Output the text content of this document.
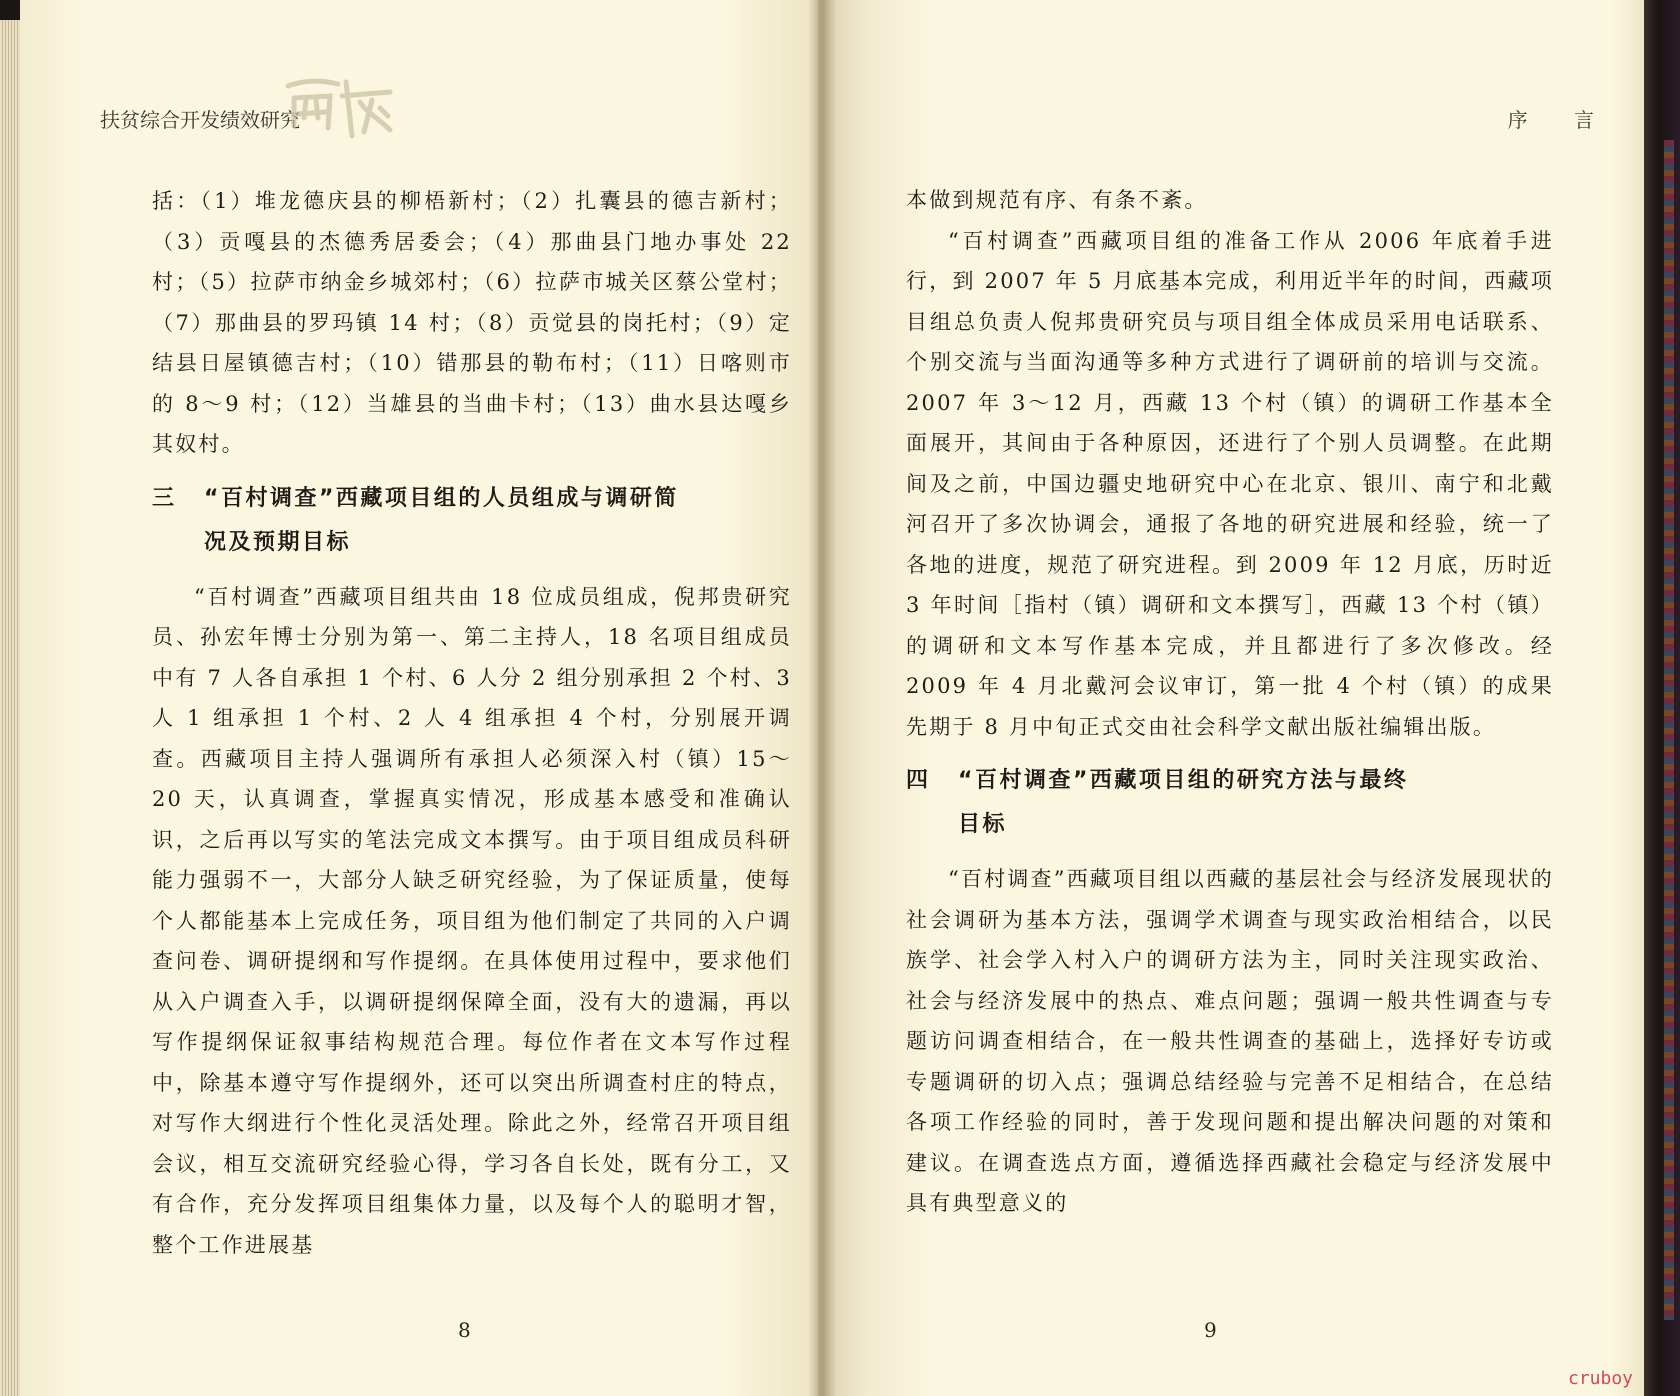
扶贫综合开发绩效研究

括：（1）堆龙德庆县的柳梧新村；（2）扎囊县的德吉新村；（3）贡嘎县的杰德秀居委会；（4）那曲县门地办事处 22 村；（5）拉萨市纳金乡城郊村；（6）拉萨市城关区蔡公堂村；（7）那曲县的罗玛镇 14 村；（8）贡觉县的岗托村；（9）定结县日屋镇德吉村；（10）错那县的勒布村；（11）日喀则市的 8～9 村；（12）当雄县的当曲卡村；（13）曲水县达嘎乡其奴村。

三 “百村调查”西藏项目组的人员组成与调研简
况及预期目标

“百村调查”西藏项目组共由 18 位成员组成，倪邦贵研究员、孙宏年博士分别为第一、第二主持人，18 名项目组成员中有 7 人各自承担 1 个村、6 人分 2 组分别承担 2 个村、3 人 1 组承担 1 个村、2 人 4 组承担 4 个村，分别展开调查。西藏项目主持人强调所有承担人必须深入村（镇）15～20 天，认真调查，掌握真实情况，形成基本感受和准确认识，之后再以写实的笔法完成文本撰写。由于项目组成员科研能力强弱不一，大部分人缺乏研究经验，为了保证质量，使每个人都能基本上完成任务，项目组为他们制定了共同的入户调查问卷、调研提纲和写作提纲。在具体使用过程中，要求他们从入户调查入手，以调研提纲保障全面，没有大的遗漏，再以写作提纲保证叙事结构规范合理。每位作者在文本写作过程中，除基本遵守写作提纲外，还可以突出所调查村庄的特点，对写作大纲进行个性化灵活处理。除此之外，经常召开项目组会议，相互交流研究经验心得，学习各自长处，既有分工，又有合作，充分发挥项目组集体力量，以及每个人的聪明才智，整个工作进展基

8
序 言

本做到规范有序、有条不紊。

“百村调查”西藏项目组的准备工作从 2006 年底着手进行，到 2007 年 5 月底基本完成，利用近半年的时间，西藏项目组总负责人倪邦贵研究员与项目组全体成员采用电话联系、个别交流与当面沟通等多种方式进行了调研前的培训与交流。2007 年 3～12 月，西藏 13 个村（镇）的调研工作基本全面展开，其间由于各种原因，还进行了个别人员调整。在此期间及之前，中国边疆史地研究中心在北京、银川、南宁和北戴河召开了多次协调会，通报了各地的研究进展和经验，统一了各地的进度，规范了研究进程。到 2009 年 12 月底，历时近 3 年时间［指村（镇）调研和文本撰写］，西藏 13 个村（镇）的调研和文本写作基本完成，并且都进行了多次修改。经 2009 年 4 月北戴河会议审订，第一批 4 个村（镇）的成果先期于 8 月中旬正式交由社会科学文献出版社编辑出版。

四 “百村调查”西藏项目组的研究方法与最终
目标

“百村调查”西藏项目组以西藏的基层社会与经济发展现状的社会调研为基本方法，强调学术调查与现实政治相结合，以民族学、社会学入村入户的调研方法为主，同时关注现实政治、社会与经济发展中的热点、难点问题；强调一般共性调查与专题访问调查相结合，在一般共性调查的基础上，选择好专访或专题调研的切入点；强调总结经验与完善不足相结合，在总结各项工作经验的同时，善于发现问题和提出解决问题的对策和建议。在调查选点方面，遵循选择西藏社会稳定与经济发展中具有典型意义的

9
cruboy
